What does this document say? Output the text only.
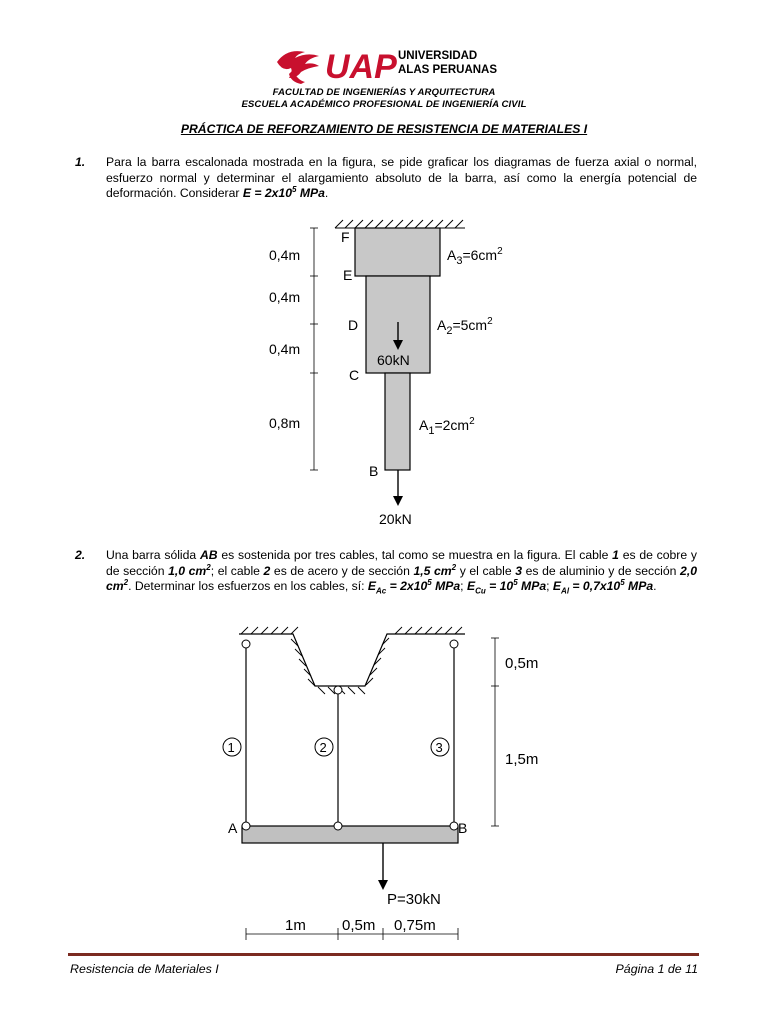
UAP UNIVERSIDAD
ALAS PERUANAS
FACULTAD DE INGENIERÍAS Y ARQUITECTURA
ESCUELA ACADÉMICO PROFESIONAL DE INGENIERÍA CIVIL
PRÁCTICA DE REFORZAMIENTO DE RESISTENCIA DE MATERIALES I
1. Para la barra escalonada mostrada en la figura, se pide graficar los diagramas de fuerza axial o normal, esfuerzo normal y determinar el alargamiento absoluto de la barra, así como la energía potencial de deformación. Considerar $E = 2x10^5$ MPa.
0,4m
0,4m
0,4m
0,8m
F
E
D
C
B
$A_3=6cm^2$
$A_2=5cm^2$
$A_1=2cm^2$
60kN
20kN
2. Una barra sólida AB es sostenida por tres cables, tal como se muestra en la figura. El cable 1 es de cobre y de sección 1,0 $cm^2$; el cable 2 es de acero y de sección 1,5 $cm^2$ y el cable 3 es de aluminio y de sección 2,0 $cm^2$. Determinar los esfuerzos en los cables, sí: $E_{Ac} = 2x10^5$ MPa; $E_{Cu} = 10^5$ MPa; $E_{Al} = 0,7x10^5$ MPa.
A	B
1	2	3
0,5m
1,5m
P=30kN
1m 0,5m 0,75m
Resistencia de Materiales I	Página 1 de 11
